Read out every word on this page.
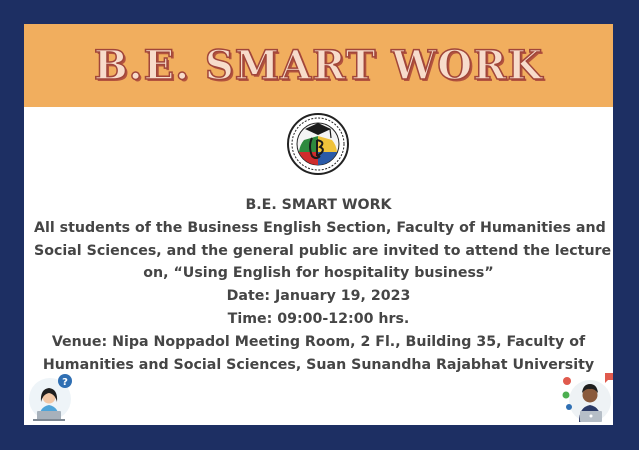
B.E. SMART WORK
B.E. SMART WORK
All students of the Business English Section, Faculty of Humanities and
Social Sciences, and the general public are invited to attend the lecture
on, “Using English for hospitality business”
Date: January 19, 2023
Time: 09:00-12:00 hrs.
Venue: Nipa Noppadol Meeting Room, 2 Fl., Building 35, Faculty of
Humanities and Social Sciences, Suan Sunandha Rajabhat University
?
